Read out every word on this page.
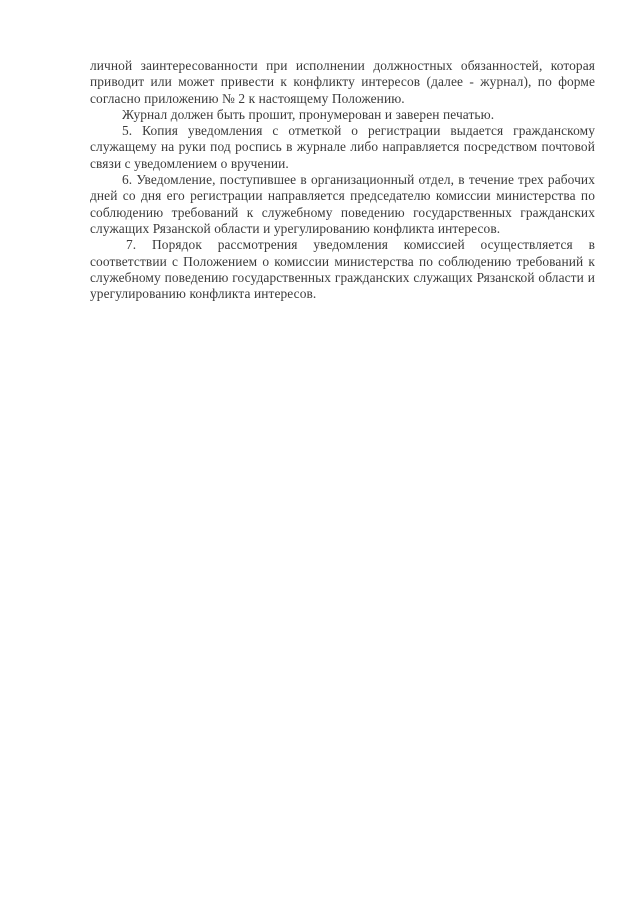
личной заинтересованности при исполнении должностных обязанностей, которая приводит или может привести к конфликту интересов (далее - журнал), по форме согласно приложению № 2 к настоящему Положению.

Журнал должен быть прошит, пронумерован и заверен печатью.

5. Копия уведомления с отметкой о регистрации выдается гражданскому служащему на руки под роспись в журнале либо направляется посредством почтовой связи с уведомлением о вручении.

6. Уведомление, поступившее в организационный отдел, в течение трех рабочих дней со дня его регистрации направляется председателю комиссии министерства по соблюдению требований к служебному поведению государственных гражданских служащих Рязанской области и урегулированию конфликта интересов.

7. Порядок рассмотрения уведомления комиссией осуществляется в соответствии с Положением о комиссии министерства по соблюдению требований к служебному поведению государственных гражданских служащих Рязанской области и урегулированию конфликта интересов.
